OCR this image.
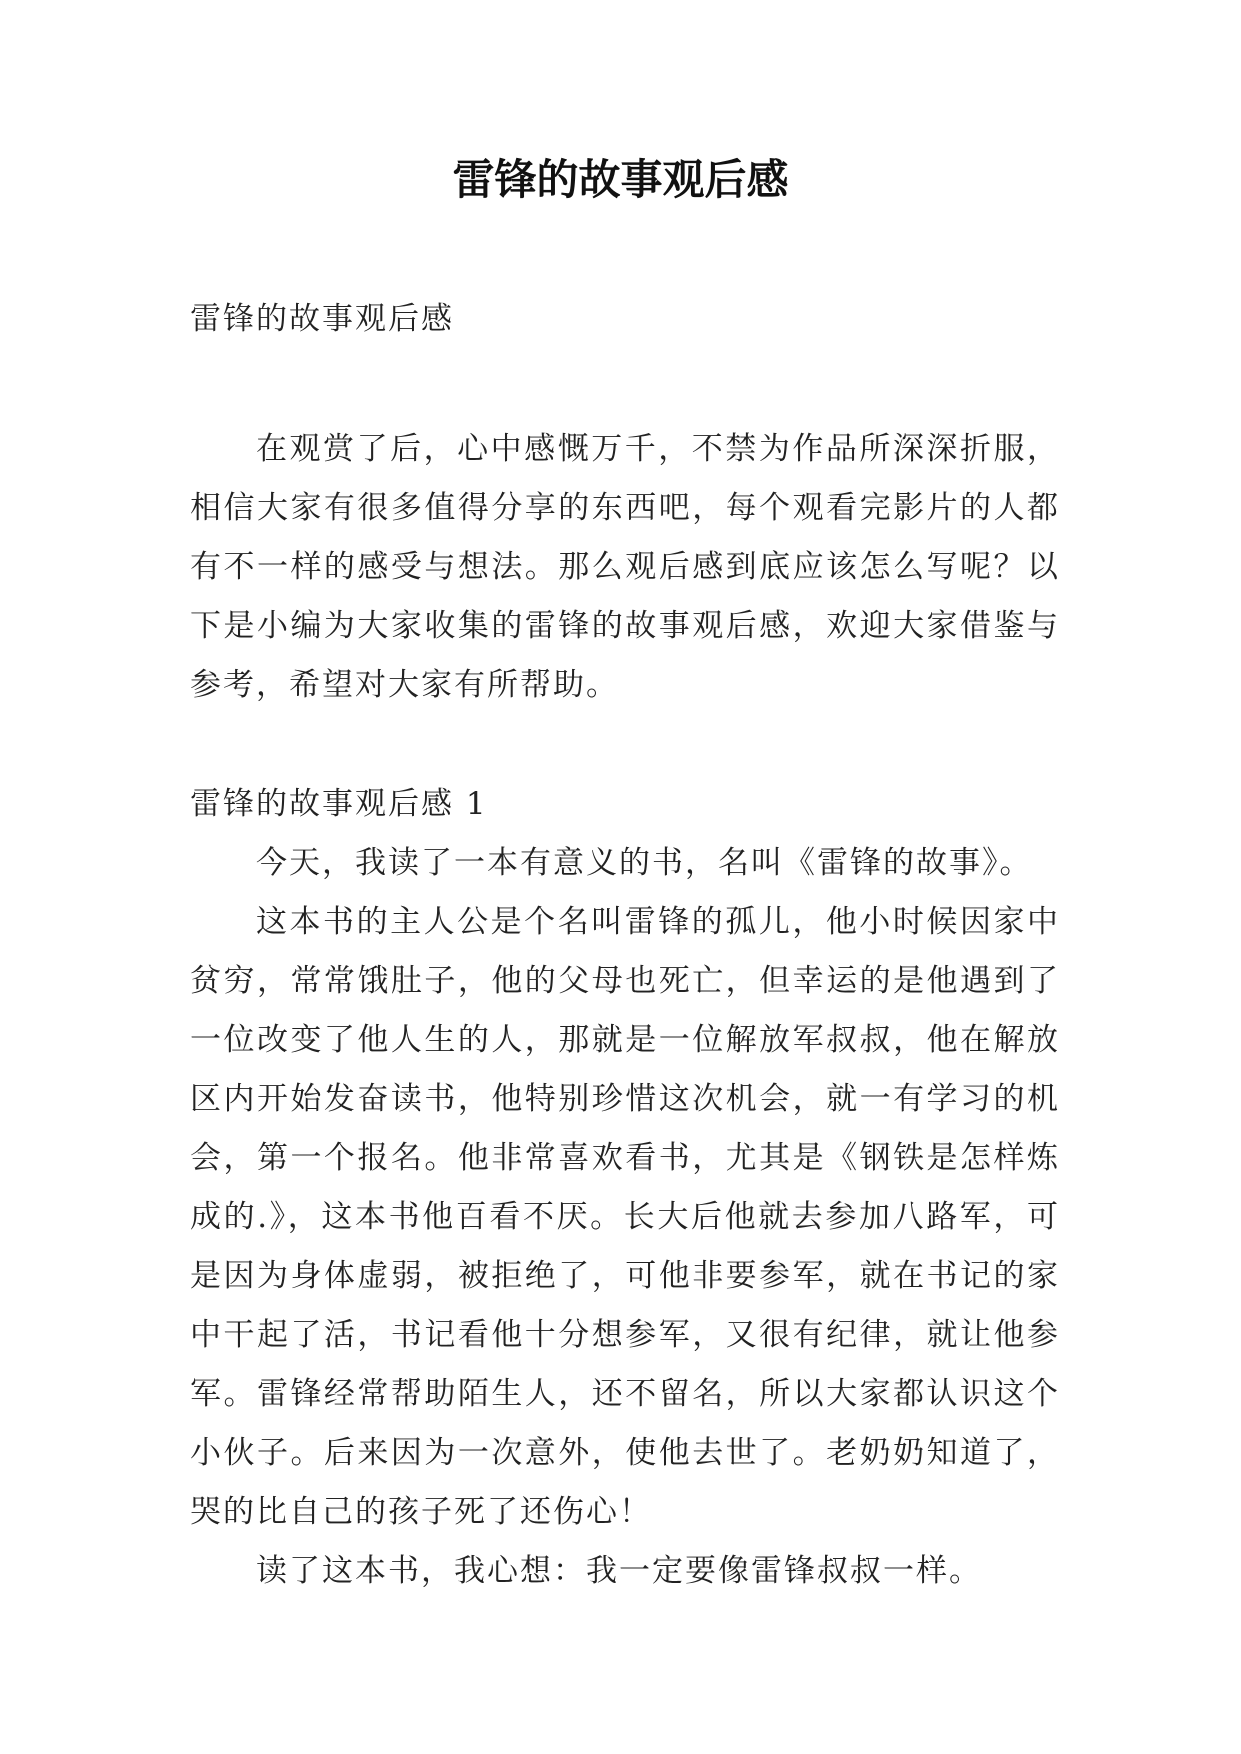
雷锋的故事观后感

雷锋的故事观后感

在观赏了后，心中感慨万千，不禁为作品所深深折服，相信大家有很多值得分享的东西吧，每个观看完影片的人都有不一样的感受与想法。那么观后感到底应该怎么写呢？以下是小编为大家收集的雷锋的故事观后感，欢迎大家借鉴与参考，希望对大家有所帮助。

雷锋的故事观后感 1

今天，我读了一本有意义的书，名叫《雷锋的故事》。

这本书的主人公是个名叫雷锋的孤儿，他小时候因家中贫穷，常常饿肚子，他的父母也死亡，但幸运的是他遇到了一位改变了他人生的人，那就是一位解放军叔叔，他在解放区内开始发奋读书，他特别珍惜这次机会，就一有学习的机会，第一个报名。他非常喜欢看书，尤其是《钢铁是怎样炼成的.》，这本书他百看不厌。长大后他就去参加八路军，可是因为身体虚弱，被拒绝了，可他非要参军，就在书记的家中干起了活，书记看他十分想参军，又很有纪律，就让他参军。雷锋经常帮助陌生人，还不留名，所以大家都认识这个小伙子。后来因为一次意外，使他去世了。老奶奶知道了，哭的比自己的孩子死了还伤心！

读了这本书，我心想：我一定要像雷锋叔叔一样。
